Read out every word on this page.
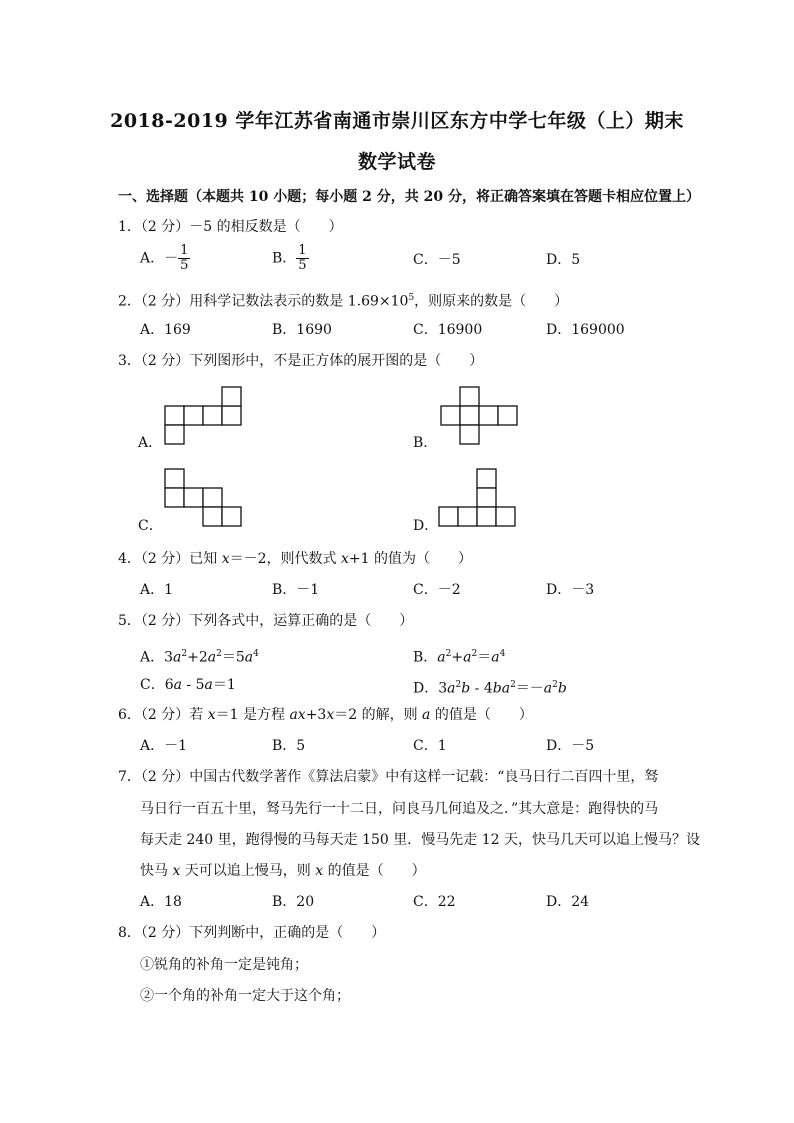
2018-2019 学年江苏省南通市崇川区东方中学七年级（上）期末
数学试卷
一、选择题（本题共 10 小题；每小题 2 分，共 20 分，将正确答案填在答题卡相应位置上）
1．（2 分）－5 的相反数是（　　）
A．－ $\frac{1}{5}$	B． $\frac{1}{5}$	C．－5	D．5
2．（2 分）用科学记数法表示的数是 $1.69\times 10^5$，则原来的数是（　　）
A．169	B．1690	C．16900	D．169000
3．（2 分）下列图形中，不是正方体的展开图的是（　　）
A．	B．
C．	D．
4．（2 分）已知 x＝－2，则代数式 x+1 的值为（　　）
A．1	B．－1	C．－2	D．－3
5．（2 分）下列各式中，运算正确的是（　　）
A．$3a^2+2a^2=5a^4$	B．$a^2+a^2=a^4$
C．6a - 5a＝1	D．$3a^2b - 4ba^2=-a^2b$
6．（2 分）若 x＝1 是方程 ax+3x＝2 的解，则 a 的值是（　　）
A．－1	B．5	C．1	D．－5
7．（2 分）中国古代数学著作《算法启蒙》中有这样一记载：“良马日行二百四十里，驽
马日行一百五十里，驽马先行一十二日，问良马几何追及之．”其大意是：跑得快的马
每天走 240 里，跑得慢的马每天走 150 里．慢马先走 12 天，快马几天可以追上慢马？设
快马 x 天可以追上慢马，则 x 的值是（　　）
A．18	B．20	C．22	D．24
8．（2 分）下列判断中，正确的是（　　）
①锐角的补角一定是钝角；
②一个角的补角一定大于这个角；
